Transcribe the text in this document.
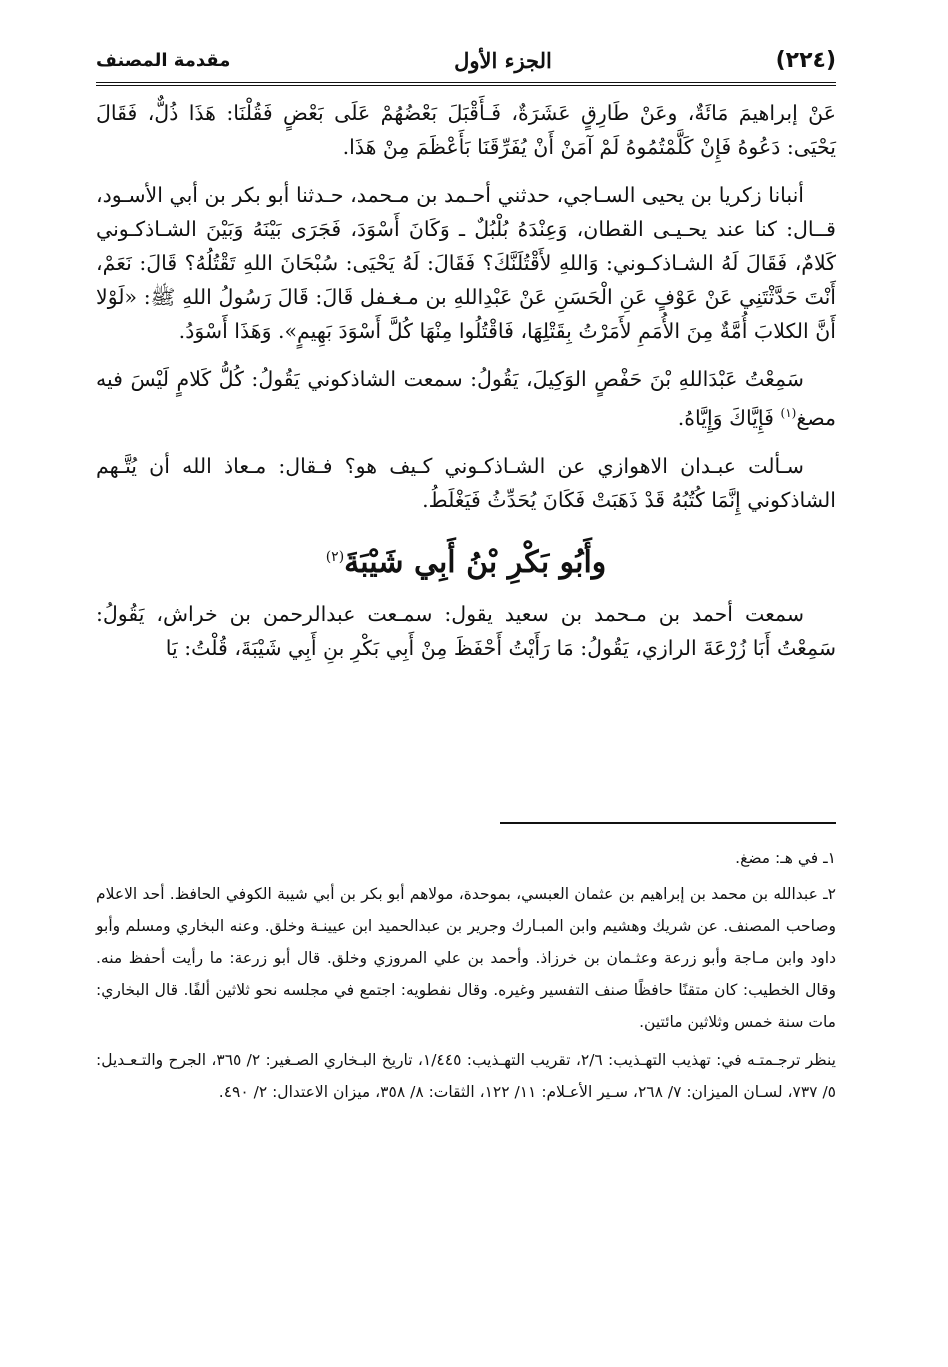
(٢٢٤)
الجزء الأول
مقدمة المصنف

عَنْ إبراهيمَ مَائَةٌ، وعَنْ طَارِقٍ عَشَرَةٌ، فَـأَقْبَلَ بَعْضُهُمْ عَلَى بَعْضٍ فَقُلْنَا: هَذَا ذُلٌّ، فَقَالَ يَحْيَى: دَعُوهُ فَإِنْ كَلَّمْتُمُوهُ لَمْ آمَنْ أَنْ يُفَرِّقَنَا بَأَعْظَمَ مِنْ هَذَا.

أنبانا زكريا بن يحيى السـاجي، حدثني أحـمد بن مـحمد، حـدثنا أبو بكر بن أبي الأسـود، قــال: كنا عند يحـيـى القطان، وَعِنْدَهُ بُلْبُلٌ ـ وَكَانَ أَسْوَدَ، فَجَرَى بَيْنَهُ وَبَيْنَ الشـاذكـوني كَلامٌ، فَقَالَ لَهُ الشـاذكـوني: وَاللهِ لأَقْتُلَنَّكَ؟ فَقَالَ: لَهُ يَحْيَى: سُبْحَانَ اللهِ تَقْتُلُهُ؟ قَالَ: نَعَمْ، أَنْتَ حَدَّثْتَنِي عَنْ عَوْفٍ عَنِ الْحَسَنِ عَنْ عَبْدِاللهِ بن مـغـفل قَالَ: قَالَ رَسُولُ اللهِ ﷺ: «لَوْلا أَنَّ الكلابَ أُمَّةٌ مِنَ الأُمَمِ لأَمَرْتُ بِقَتْلِهَا، فَاقْتُلُوا مِنْهَا كُلَّ أَسْوَدَ بَهِيمٍ». وَهَذَا أَسْوَدُ.

سَمِعْتُ عَبْدَاللهِ بْنَ حَفْصٍ الوَكِيلَ، يَقُولُ: سمعت الشاذكوني يَقُولُ: كُلُّ كَلامٍ لَيْسَ فيه مصغ$^{(١)}$ فَإِيَّاكَ وَإِيَّاهُ.

سـألت عبـدان الاهوازي عن الشـاذكـوني كـيف هو؟ فـقال: مـعاذ الله أن يُتَّـهم الشاذكوني إِنَّمَا كُتُبُهُ قَدْ ذَهَبَتْ فَكَانَ يُحَدِّثُ فَيَغْلَطُ.

وأَبُو بَكْرِ بْنُ أَبِي شَيْبَةَ$^{(٢)}$

سمعت أحمد بن مـحمد بن سعيد يقول: سمـعت عبدالرحمن بن خراش، يَقُولُ: سَمِعْتُ أَبَا زُرْعَةَ الرازي، يَقُولُ: مَا رَأَيْتُ أَحْفَظَ مِنْ أَبِي بَكْرِ بنِ أَبِي شَيْبَةَ، قُلْتُ: يَا

١ـ في هـ: مضغ.

٢ـ عبدالله بن محمد بن إبراهيم بن عثمان العبسي، بموحدة، مولاهم أبو بكر بن أبي شيبة الكوفي الحافظ. أحد الاعلام وصاحب المصنف. عن شريك وهشيم وابن المبـارك وجرير بن عبدالحميد ابن عيينـة وخلق. وعنه البخاري ومسلم وأبو داود وابن مـاجة وأبو زرعة وعثـمان بن خرزاذ. وأحمد بن علي المروزي وخلق. قال أبو زرعة: ما رأيت أحفظ منه. وقال الخطيب: كان متقنًا حافظًا صنف التفسير وغيره. وقال نفطويه: اجتمع في مجلسه نحو ثلاثين ألفًا. قال البخاري: مات سنة خمس وثلاثين مائتين.

ينظر ترجـمتـه في: تهذيب التهـذيب: ٢/٦، تقريب التهـذيب: ١/٤٤٥، تاريخ البـخاري الصـغير: ٢/ ٣٦٥، الجرح والتـعـديل: ٥/ ٧٣٧، لسـان الميزان: ٧/ ٢٦٨، سـير الأعـلام: ١١/ ١٢٢، الثقات: ٨/ ٣٥٨، ميزان الاعتدال: ٢/ ٤٩٠.
